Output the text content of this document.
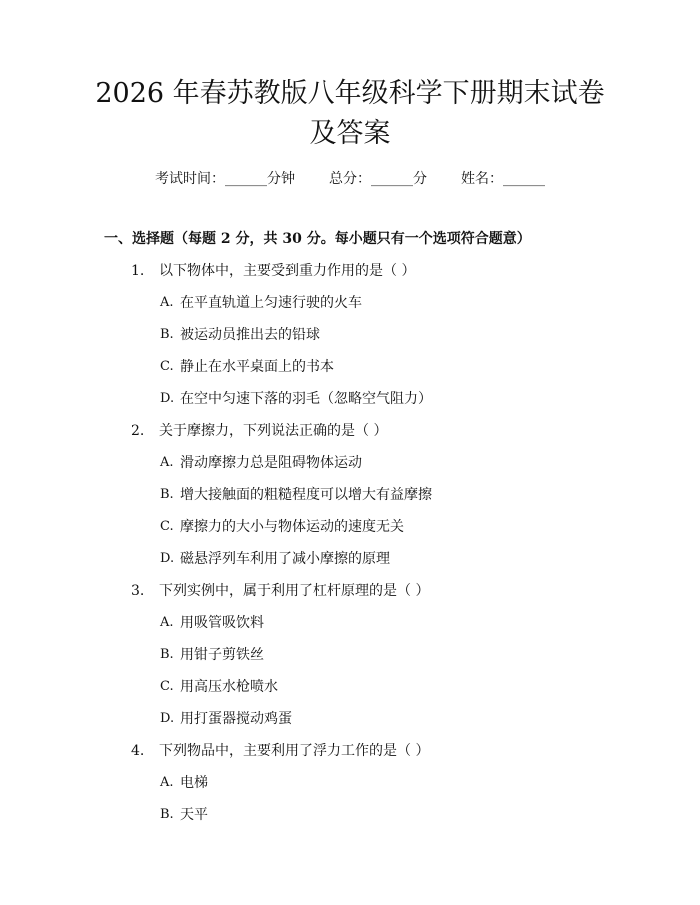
2026 年春苏教版八年级科学下册期末试卷及答案
考试时间：______分钟 总分：______分 姓名：______
一、选择题（每题 2 分，共 30 分。每小题只有一个选项符合题意）
1. 以下物体中，主要受到重力作用的是（ ）
A. 在平直轨道上匀速行驶的火车
B. 被运动员推出去的铅球
C. 静止在水平桌面上的书本
D. 在空中匀速下落的羽毛（忽略空气阻力）
2. 关于摩擦力，下列说法正确的是（ ）
A. 滑动摩擦力总是阻碍物体运动
B. 增大接触面的粗糙程度可以增大有益摩擦
C. 摩擦力的大小与物体运动的速度无关
D. 磁悬浮列车利用了减小摩擦的原理
3. 下列实例中，属于利用了杠杆原理的是（ ）
A. 用吸管吸饮料
B. 用钳子剪铁丝
C. 用高压水枪喷水
D. 用打蛋器搅动鸡蛋
4. 下列物品中，主要利用了浮力工作的是（ ）
A. 电梯
B. 天平
